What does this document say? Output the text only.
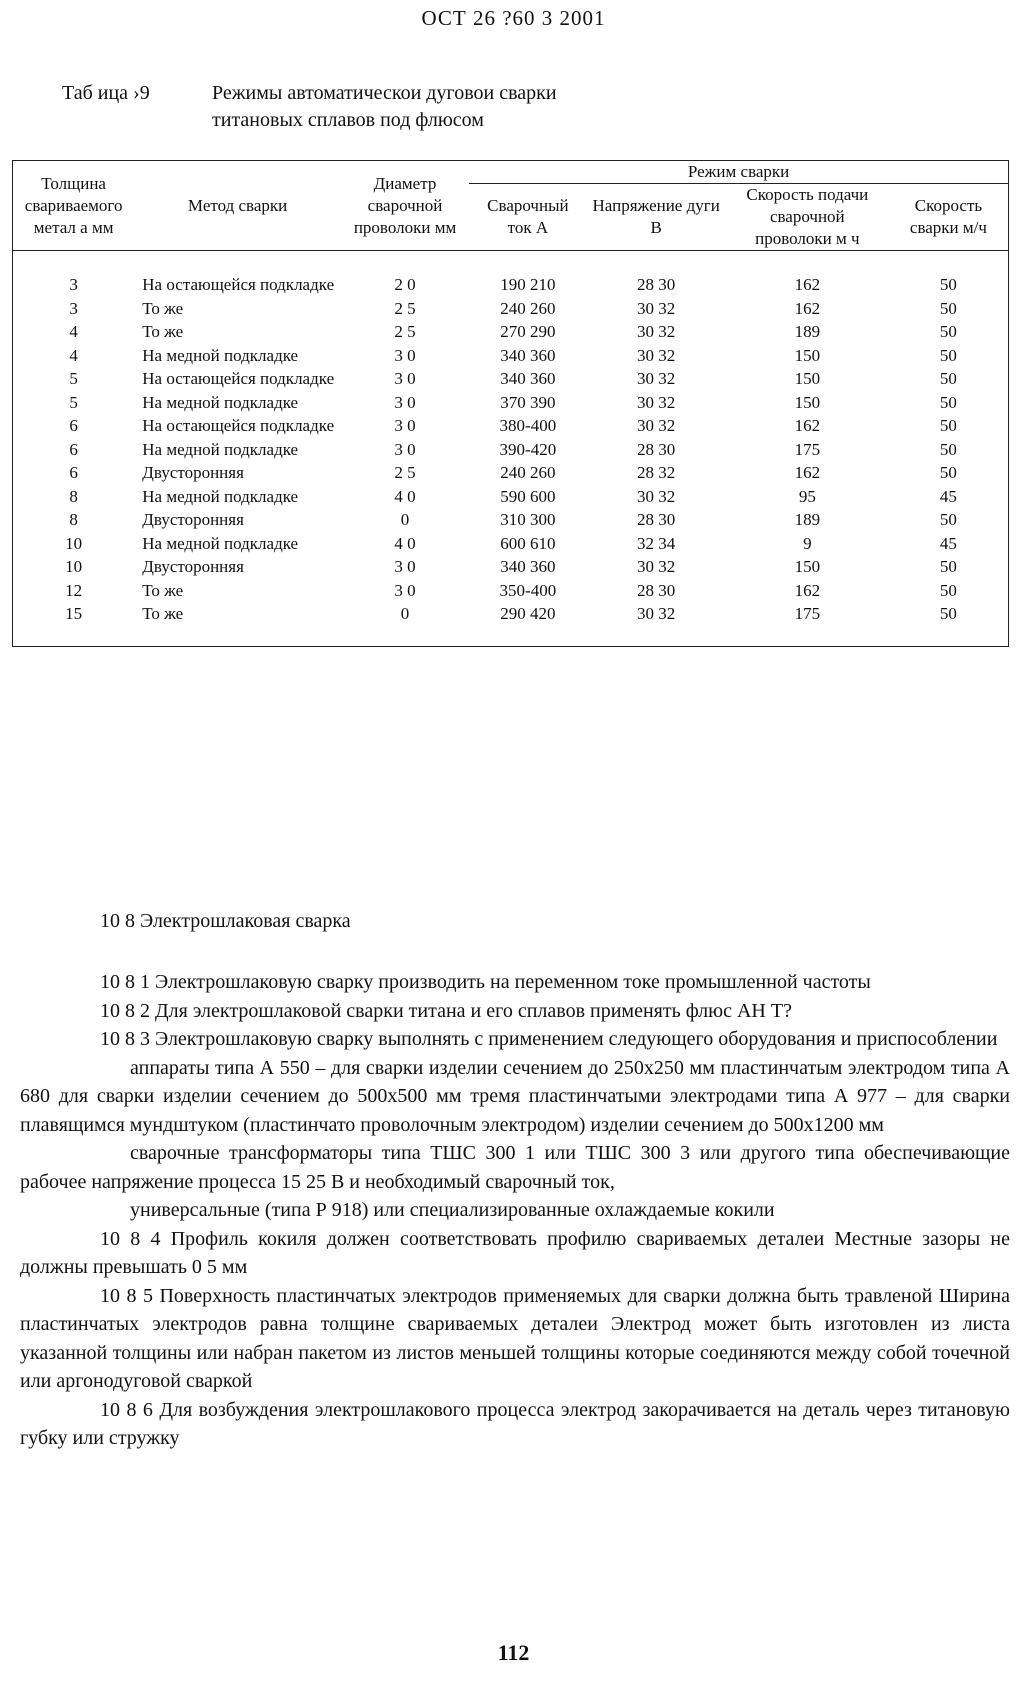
ОСТ 26 ?60 3 2001
Таб ица ›9	Режимы автоматическои дуговои сварки
титановых сплавов под флюсом
Толщина свариваемого метал а мм	Метод сварки	Диаметр сварочной проволоки мм	Режим сварки			
			Сварочный ток А	Напряжение дуги В	Скорость подачи сварочной проволоки м ч	Скорость сварки м/ч
3	На остающейся подкладке	2 0	190 210	28 30	162	50
3	То же	2 5	240 260	30 32	162	50
4	То же	2 5	270 290	30 32	189	50
4	На медной подкладке	3 0	340 360	30 32	150	50
5	На остающейся подкладке	3 0	340 360	30 32	150	50
5	На медной подкладке	3 0	370 390	30 32	150	50
6	На остающейся подкладке	3 0	380-400	30 32	162	50
6	На медной подкладке	3 0	390-420	28 30	175	50
6	Двусторонняя	2 5	240 260	28 32	162	50
8	На медной подкладке	4 0	590 600	30 32	95	45
8	Двусторонняя	0	310 300	28 30	189	50
10	На медной подкладке	4 0	600 610	32 34	9	45
10	Двусторонняя	3 0	340 360	30 32	150	50
12	То же	3 0	350-400	28 30	162	50
15	То же	0	290 420	30 32	175	50
10 8 Электрошлаковая сварка

10 8 1 Электрошлаковую сварку производить на переменном токе промышленной частоты

10 8 2 Для электрошлаковой сварки титана и его сплавов применять флюс АН Т?

10 8 3 Электрошлаковую сварку выполнять с применением следующего оборудования и приспособлении

аппараты типа А 550 – для сварки изделии сечением до 250x250 мм пластинчатым электродом типа А 680 для сварки изделии сечением до 500x500 мм тремя пластинчатыми электродами типа А 977 – для сварки плавящимся мундштуком (пластинчато проволочным электродом) изделии сечением до 500x1200 мм

сварочные трансформаторы типа ТШС 300 1 или ТШС 300 3 или другого типа обеспечивающие рабочее напряжение процесса 15 25 В и необходимый сварочный ток,

универсальные (типа Р 918) или специализированные охлаждаемые кокили

10 8 4 Профиль кокиля должен соответствовать профилю свариваемых деталеи Местные зазоры не должны превышать 0 5 мм

10 8 5 Поверхность пластинчатых электродов применяемых для сварки должна быть травленой Ширина пластинчатых электродов равна толщине свариваемых деталеи Электрод может быть изготовлен из листа указанной толщины или набран пакетом из листов меньшей толщины которые соединяются между собой точечной или аргонодуговой сваркой

10 8 6 Для возбуждения электрошлакового процесса электрод закорачивается на деталь через титановую губку или стружку

112
